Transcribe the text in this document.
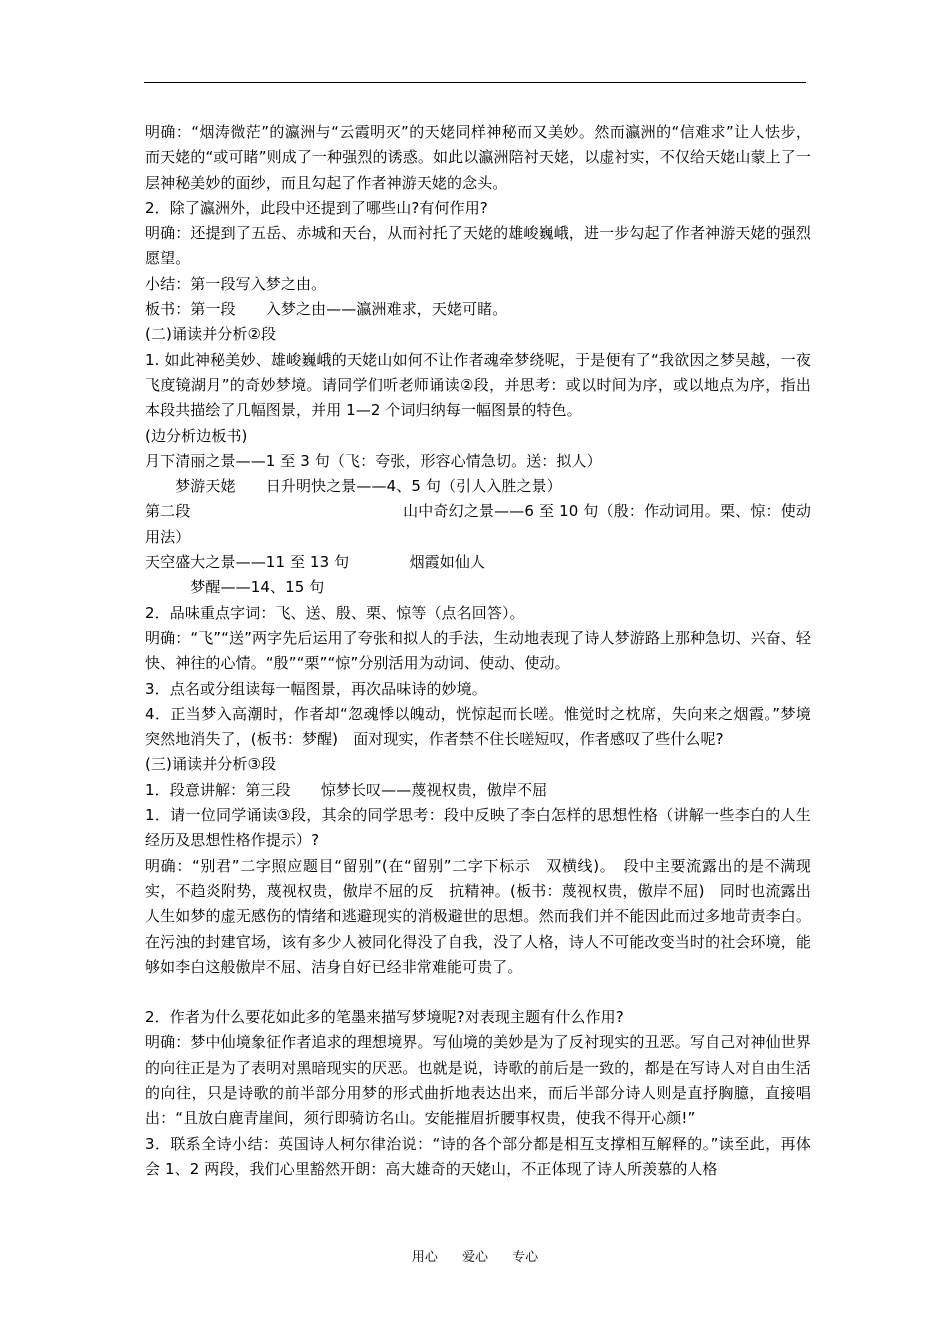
明确：“烟涛微茫”的瀛洲与“云霞明灭”的天姥同样神秘而又美妙。然而瀛洲的“信难求”让人怯步，而天姥的“或可睹”则成了一种强烈的诱惑。如此以瀛洲陪衬天姥，以虚衬实，不仅给天姥山蒙上了一层神秘美妙的面纱，而且勾起了作者神游天姥的念头。

2．除了瀛洲外，此段中还提到了哪些山?有何作用?

明确：还提到了五岳、赤城和天台，从而衬托了天姥的雄峻巍峨，进一步勾起了作者神游天姥的强烈愿望。

小结：第一段写入梦之由。

板书：第一段　　入梦之由——瀛洲难求，天姥可睹。

(二)诵读并分析②段

1. 如此神秘美妙、雄峻巍峨的天姥山如何不让作者魂牵梦绕呢，于是便有了“我欲因之梦吴越，一夜飞度镜湖月”的奇妙梦境。请同学们听老师诵读②段，并思考：或以时间为序，或以地点为序，指出本段共描绘了几幅图景，并用 1—2 个词归纳每一幅图景的特色。

(边分析边板书)

月下清丽之景——1 至 3 句（飞：夸张，形容心情急切。送：拟人）

　　梦游天姥　　日升明快之景——4、5 句（引人入胜之景）

第二段　　　　　　　　　　　　　　山中奇幻之景——6 至 10 句（殷：作动词用。栗、惊：使动用法）

天空盛大之景——11 至 13 句　　　　烟霞如仙人

　　　梦醒——14、15 句

2．品味重点字词：飞、送、殷、栗、惊等（点名回答）。

明确：“飞”“送”两字先后运用了夸张和拟人的手法，生动地表现了诗人梦游路上那种急切、兴奋、轻快、神往的心情。“殷”“栗”“惊”分别活用为动词、使动、使动。

3．点名或分组读每一幅图景，再次品味诗的妙境。

4．正当梦入高潮时，作者却“忽魂悸以魄动，恍惊起而长嗟。惟觉时之枕席，失向来之烟霞。”梦境突然地消失了，(板书：梦醒)　面对现实，作者禁不住长嗟短叹，作者感叹了些什么呢?

(三)诵读并分析③段

1．段意讲解：第三段　　惊梦长叹——蔑视权贵，傲岸不屈

1．请一位同学诵读③段，其余的同学思考：段中反映了李白怎样的思想性格（讲解一些李白的人生经历及思想性格作提示）?

明确：“别君”二字照应题目“留别”(在“留别”二字下标示　双横线)。　段中主要流露出的是不满现实，不趋炎附势，蔑视权贵，傲岸不屈的反　抗精神。(板书：蔑视权贵，傲岸不屈)　同时也流露出人生如梦的虚无感伤的情绪和逃避现实的消极避世的思想。然而我们并不能因此而过多地苛责李白。在污浊的封建官场，该有多少人被同化得没了自我，没了人格，诗人不可能改变当时的社会环境，能够如李白这般傲岸不屈、洁身自好已经非常难能可贵了。

2．作者为什么要花如此多的笔墨来描写梦境呢?对表现主题有什么作用?

明确：梦中仙境象征作者追求的理想境界。写仙境的美妙是为了反衬现实的丑恶。写自己对神仙世界的向往正是为了表明对黑暗现实的厌恶。也就是说，诗歌的前后是一致的，都是在写诗人对自由生活的向往，只是诗歌的前半部分用梦的形式曲折地表达出来，而后半部分诗人则是直抒胸臆，直接唱出：“且放白鹿青崖间，须行即骑访名山。安能摧眉折腰事权贵，使我不得开心颜!”

3．联系全诗小结：英国诗人柯尔律治说：“诗的各个部分都是相互支撑相互解释的。”读至此，再体会 1、2 两段，我们心里豁然开朗：高大雄奇的天姥山，不正体现了诗人所羡慕的人格

用心 爱心 专心
